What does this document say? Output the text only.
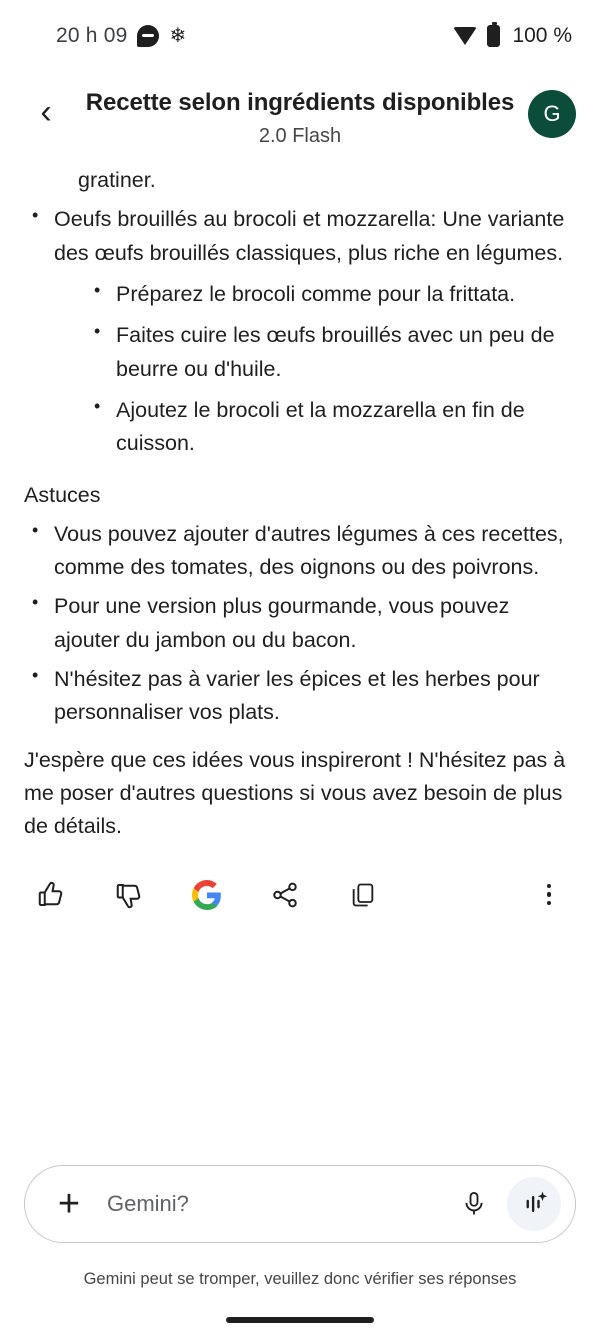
20 h 09 ❄	100 %
‹	Recette selon ingrédients disponibles
2.0 Flash
G

gratiner.

• Oeufs brouillés au brocoli et mozzarella: Une variante des œufs brouillés classiques, plus riche en légumes.
• Préparez le brocoli comme pour la frittata.
• Faites cuire les œufs brouillés avec un peu de beurre ou d'huile.
• Ajoutez le brocoli et la mozzarella en fin de cuisson.

Astuces

• Vous pouvez ajouter d'autres légumes à ces recettes, comme des tomates, des oignons ou des poivrons.
• Pour une version plus gourmande, vous pouvez ajouter du jambon ou du bacon.
• N'hésitez pas à varier les épices et les herbes pour personnaliser vos plats.

J'espère que ces idées vous inspireront ! N'hésitez pas à me poser d'autres questions si vous avez besoin de plus de détails.

+	Gemini?
Gemini peut se tromper, veuillez donc vérifier ses réponses
